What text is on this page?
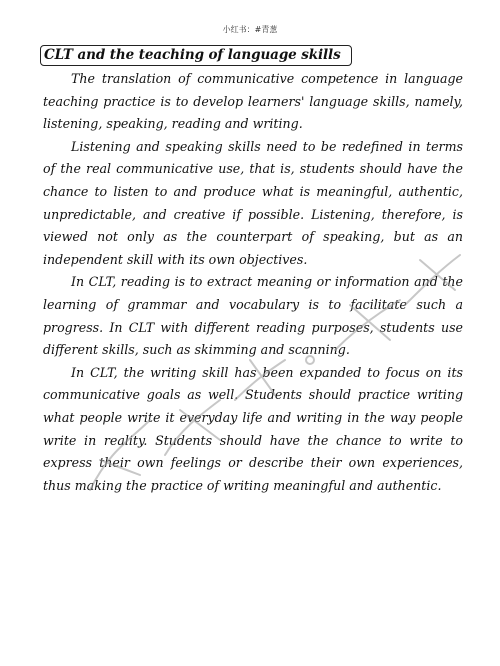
小红书：#青葱
CLT and the teaching of language skills

The translation of communicative competence in language teaching practice is to develop learners' language skills, namely, listening, speaking, reading and writing.

Listening and speaking skills need to be redefined in terms of the real communicative use, that is, students should have the chance to listen to and produce what is meaningful, authentic, unpredictable, and creative if possible. Listening, therefore, is viewed not only as the counterpart of speaking, but as an independent skill with its own objectives.

In CLT, reading is to extract meaning or information and the learning of grammar and vocabulary is to facilitate such a progress. In CLT with different reading purposes, students use different skills, such as skimming and scanning.

In CLT, the writing skill has been expanded to focus on its communicative goals as well. Students should practice writing what people write it everyday life and writing in the way people write in reality. Students should have the chance to write to express their own feelings or describe their own experiences, thus making the practice of writing meaningful and authentic.
